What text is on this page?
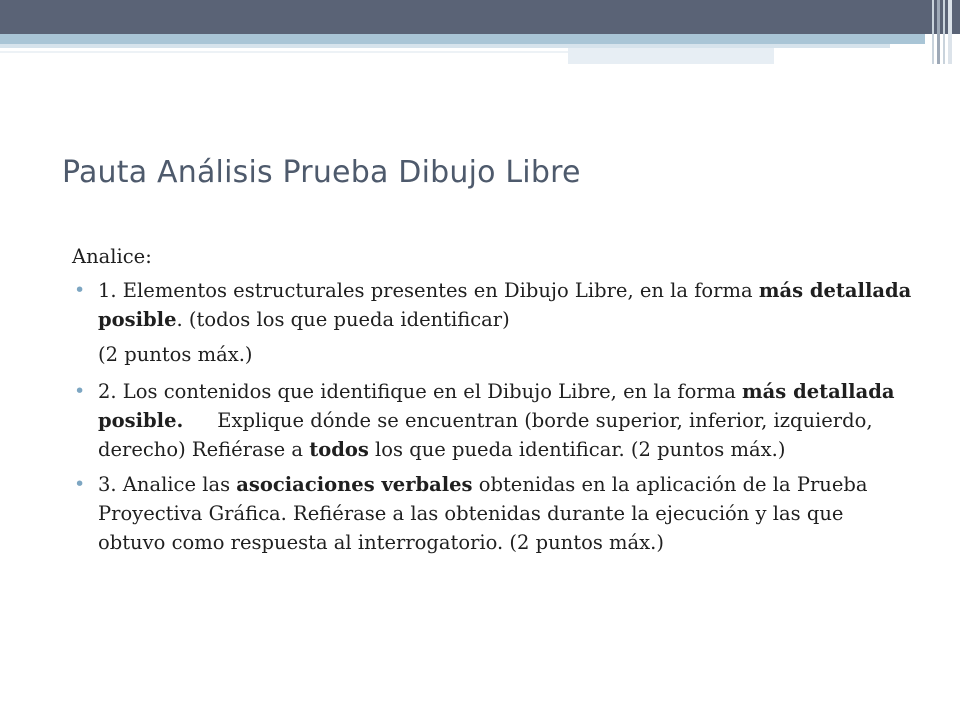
Pauta Análisis Prueba Dibujo Libre

Analice:

• 1. Elementos estructurales presentes en Dibujo Libre, en la forma más detallada posible. (todos los que pueda identificar)

(2 puntos máx.)

• 2. Los contenidos que identifique en el Dibujo Libre, en la forma más detallada posible. Explique dónde se encuentran (borde superior, inferior, izquierdo, derecho) Refiérase a todos los que pueda identificar. (2 puntos máx.)
• 3. Analice las asociaciones verbales obtenidas en la aplicación de la Prueba Proyectiva Gráfica. Refiérase a las obtenidas durante la ejecución y las que obtuvo como respuesta al interrogatorio. (2 puntos máx.)
